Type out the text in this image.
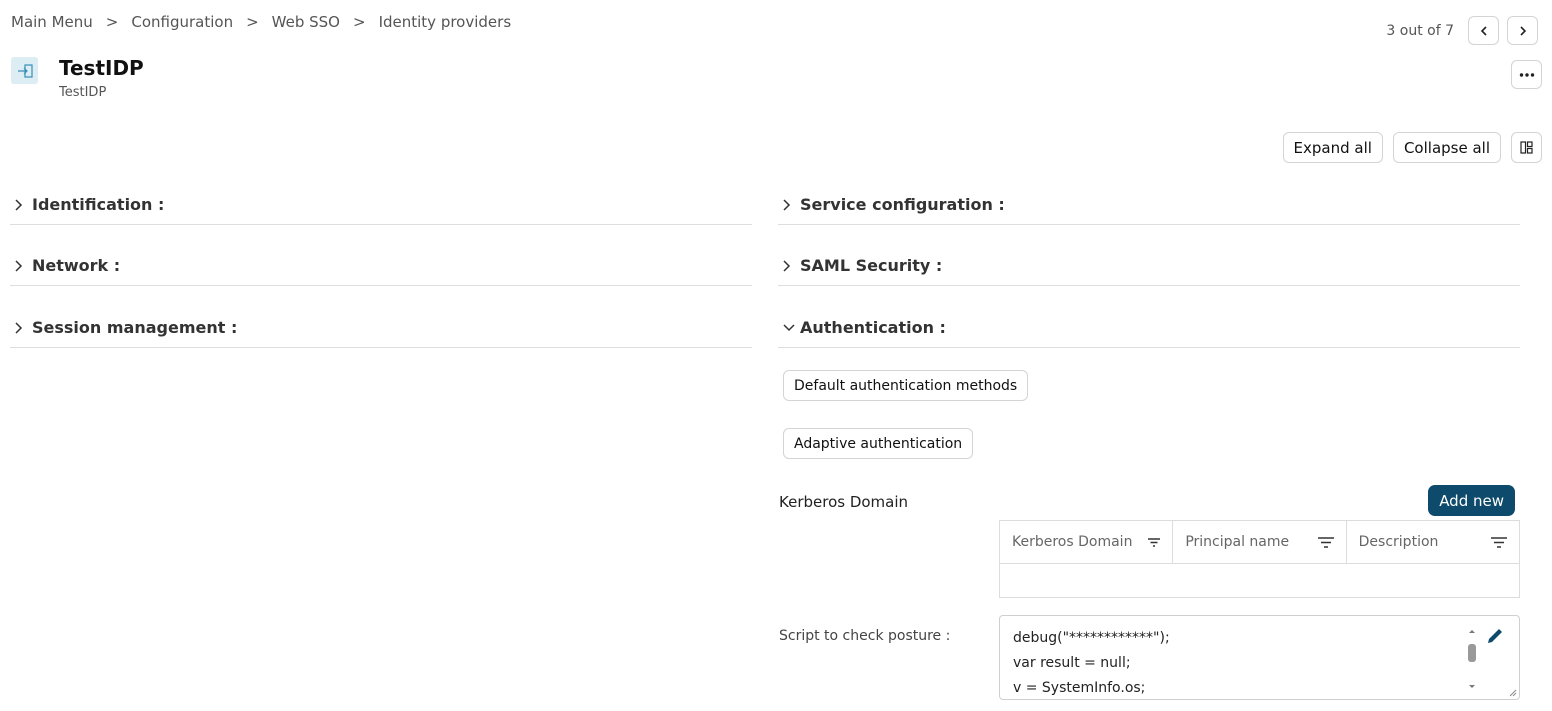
Main Menu > Configuration > Web SSO > Identity providers	3 out of 7
TestIDP
TestIDP
Expand all	Collapse all
Identification :
Network :
Session management :
Service configuration :
SAML Security :
Authentication :
Default authentication methods
Adaptive authentication
Kerberos Domain	Add new
Kerberos Domain	Principal name	Description
Script to check posture :	debug("************");
var result = null;
v = SystemInfo.os;
